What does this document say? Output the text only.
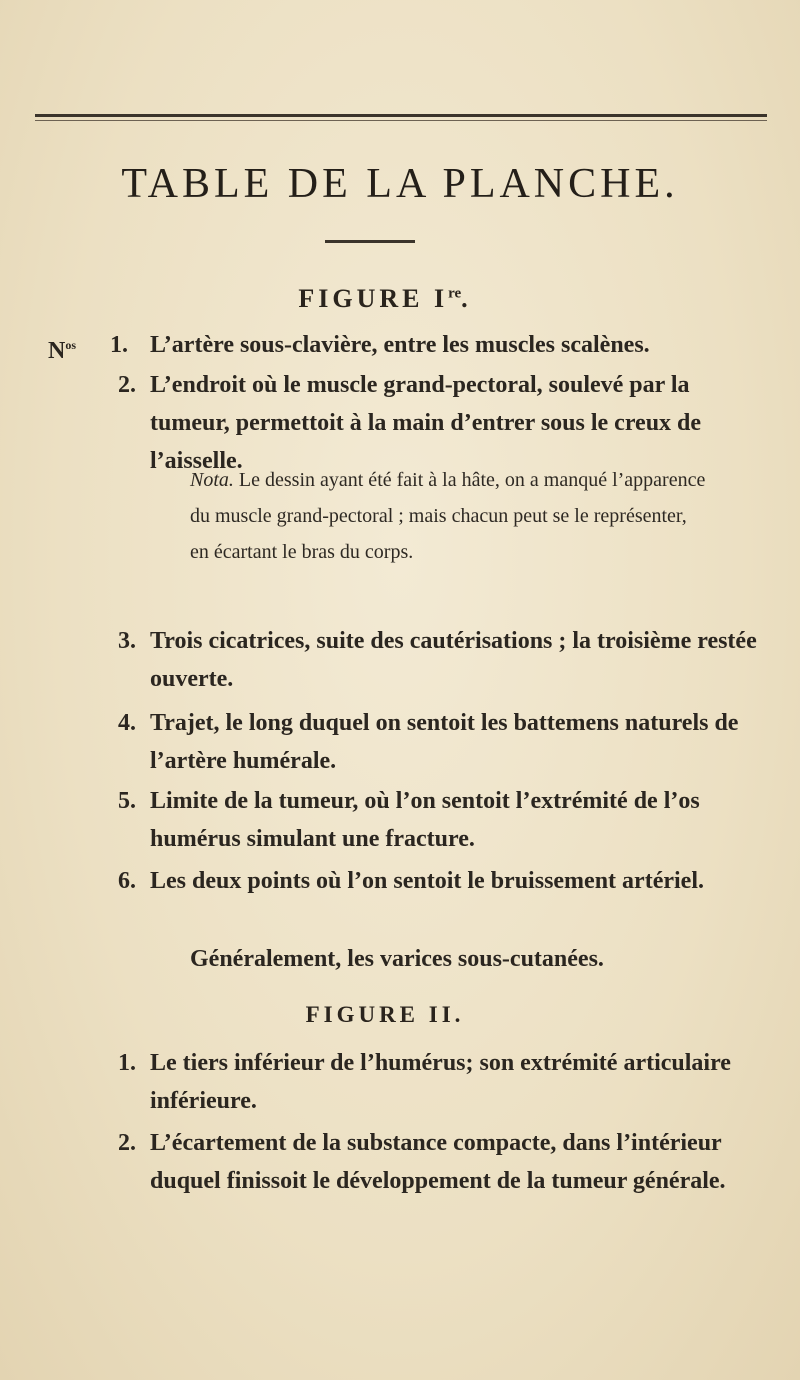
TABLE DE LA PLANCHE.
FIGURE Ire.
$N^{os}$ 1. L’artère sous-clavière, entre les muscles scalènes.
2. L’endroit où le muscle grand-pectoral, soulevé par la tumeur, permettoit à la main d’entrer sous le creux de l’aisselle.
Nota. Le dessin ayant été fait à la hâte, on a manqué l’apparence du muscle grand-pectoral ; mais chacun peut se le représenter, en écartant le bras du corps.
3. Trois cicatrices, suite des cautérisations ; la troisième restée ouverte.
4. Trajet, le long duquel on sentoit les battemens naturels de l’artère humérale.
5. Limite de la tumeur, où l’on sentoit l’extrémité de l’os humérus simulant une fracture.
6. Les deux points où l’on sentoit le bruissement artériel.
Généralement, les varices sous-cutanées.
FIGURE II.
1. Le tiers inférieur de l’humérus; son extrémité articulaire inférieure.
2. L’écartement de la substance compacte, dans l’intérieur duquel finissoit le développement de la tumeur générale.
